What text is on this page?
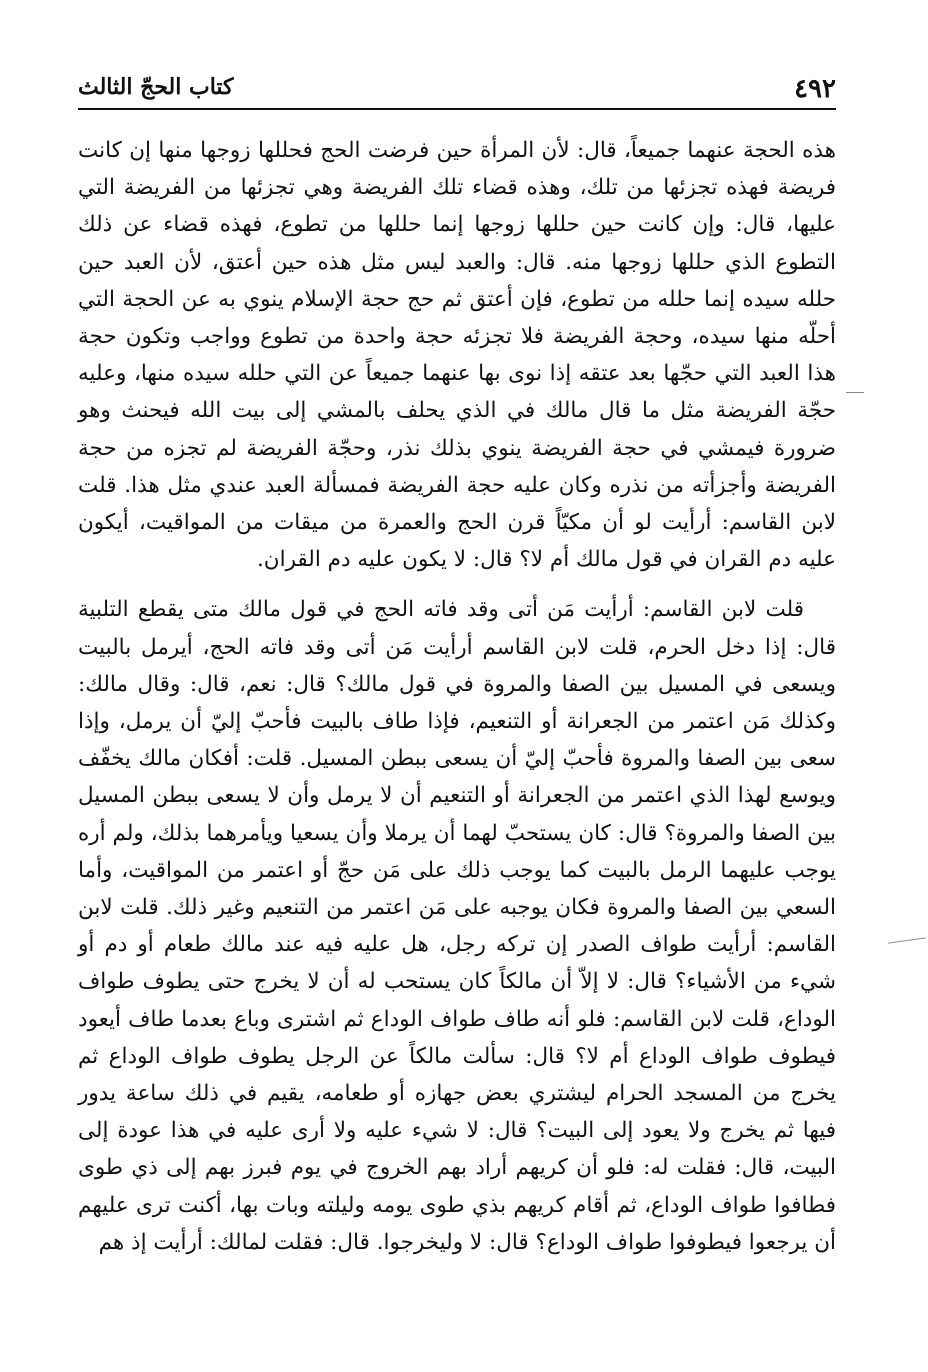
٤٩٢
كتاب الحجّ الثالث

هذه الحجة عنهما جميعاً، قال: لأن المرأة حين فرضت الحج فحللها زوجها منها إن كانت فريضة فهذه تجزئها من تلك، وهذه قضاء تلك الفريضة وهي تجزئها من الفريضة التي عليها، قال: وإن كانت حين حللها زوجها إنما حللها من تطوع، فهذه قضاء عن ذلك التطوع الذي حللها زوجها منه. قال: والعبد ليس مثل هذه حين أعتق، لأن العبد حين حلله سيده إنما حلله من تطوع، فإن أعتق ثم حج حجة الإسلام ينوي به عن الحجة التي أحلّه منها سيده، وحجة الفريضة فلا تجزئه حجة واحدة من تطوع وواجب وتكون حجة هذا العبد التي حجّها بعد عتقه إذا نوى بها عنهما جميعاً عن التي حلله سيده منها، وعليه حجّة الفريضة مثل ما قال مالك في الذي يحلف بالمشي إلى بيت الله فيحنث وهو ضرورة فيمشي في حجة الفريضة ينوي بذلك نذر، وحجّة الفريضة لم تجزه من حجة الفريضة وأجزأته من نذره وكان عليه حجة الفريضة فمسألة العبد عندي مثل هذا. قلت لابن القاسم: أرأيت لو أن مكيّاً قرن الحج والعمرة من ميقات من المواقيت، أيكون عليه دم القران في قول مالك أم لا؟ قال: لا يكون عليه دم القران.

قلت لابن القاسم: أرأيت مَن أتى وقد فاته الحج في قول مالك متى يقطع التلبية قال: إذا دخل الحرم، قلت لابن القاسم أرأيت مَن أتى وقد فاته الحج، أيرمل بالبيت ويسعى في المسيل بين الصفا والمروة في قول مالك؟ قال: نعم، قال: وقال مالك: وكذلك مَن اعتمر من الجعرانة أو التنعيم، فإذا طاف بالبيت فأحبّ إليّ أن يرمل، وإذا سعى بين الصفا والمروة فأحبّ إليّ أن يسعى ببطن المسيل. قلت: أفكان مالك يخفّف ويوسع لهذا الذي اعتمر من الجعرانة أو التنعيم أن لا يرمل وأن لا يسعى ببطن المسيل بين الصفا والمروة؟ قال: كان يستحبّ لهما أن يرملا وأن يسعيا ويأمرهما بذلك، ولم أره يوجب عليهما الرمل بالبيت كما يوجب ذلك على مَن حجّ أو اعتمر من المواقيت، وأما السعي بين الصفا والمروة فكان يوجبه على مَن اعتمر من التنعيم وغير ذلك. قلت لابن القاسم: أرأيت طواف الصدر إن تركه رجل، هل عليه فيه عند مالك طعام أو دم أو شيء من الأشياء؟ قال: لا إلاّ أن مالكاً كان يستحب له أن لا يخرج حتى يطوف طواف الوداع، قلت لابن القاسم: فلو أنه طاف طواف الوداع ثم اشترى وباع بعدما طاف أيعود فيطوف طواف الوداع أم لا؟ قال: سألت مالكاً عن الرجل يطوف طواف الوداع ثم يخرج من المسجد الحرام ليشتري بعض جهازه أو طعامه، يقيم في ذلك ساعة يدور فيها ثم يخرج ولا يعود إلى البيت؟ قال: لا شيء عليه ولا أرى عليه في هذا عودة إلى البيت، قال: فقلت له: فلو أن كريهم أراد بهم الخروج في يوم فبرز بهم إلى ذي طوى فطافوا طواف الوداع، ثم أقام كريهم بذي طوى يومه وليلته وبات بها، أكنت ترى عليهم أن يرجعوا فيطوفوا طواف الوداع؟ قال: لا وليخرجوا. قال: فقلت لمالك: أرأيت إذ هم
